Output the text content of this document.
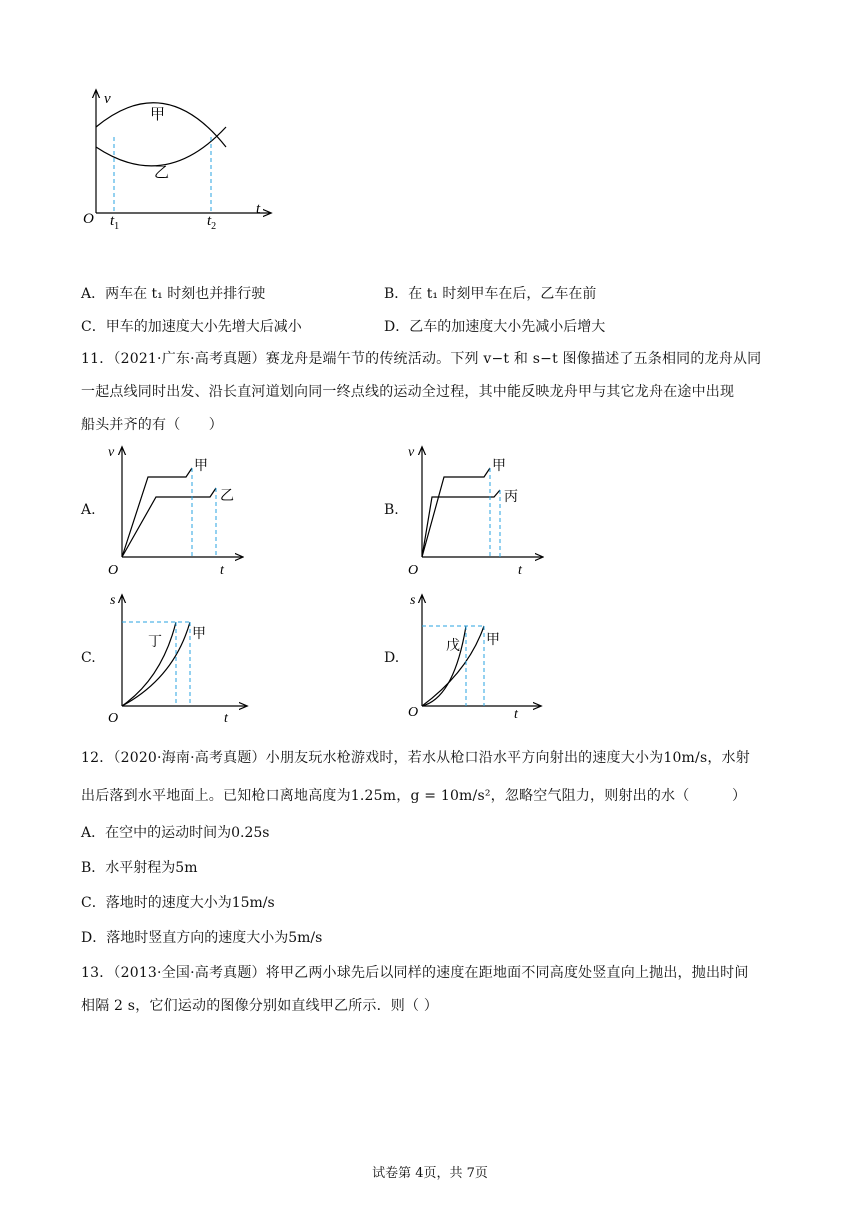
v
t
O
甲
乙
$t_1$	$t_2$
A．两车在 t₁ 时刻也并排行驶	B．在 t₁ 时刻甲车在后，乙车在前
C．甲车的加速度大小先增大后减小	D．乙车的加速度大小先减小后增大
11．（2021·广东·高考真题）赛龙舟是端午节的传统活动。下列 v−t 和 s−t 图像描述了五条相同的龙舟从同
一起点线同时出发、沿长直河道划向同一终点线的运动全过程，其中能反映龙舟甲与其它龙舟在途中出现
船头并齐的有（　　）
A.	B.
C.	D.
v
t
O
甲
乙
v
t
O
甲
丙
s
t
O
丁
甲
s
t
O
戊 甲
12．（2020·海南·高考真题）小朋友玩水枪游戏时，若水从枪口沿水平方向射出的速度大小为10m/s，水射
出后落到水平地面上。已知枪口离地高度为1.25m，g = 10m/s²，忽略空气阻力，则射出的水（　　　）
A．在空中的运动时间为0.25s
B．水平射程为5m
C．落地时的速度大小为15m/s
D．落地时竖直方向的速度大小为5m/s
13．（2013·全国·高考真题）将甲乙两小球先后以同样的速度在距地面不同高度处竖直向上抛出，抛出时间
相隔 2 s，它们运动的图像分别如直线甲乙所示．则（ ）
试卷第 4页，共 7页
